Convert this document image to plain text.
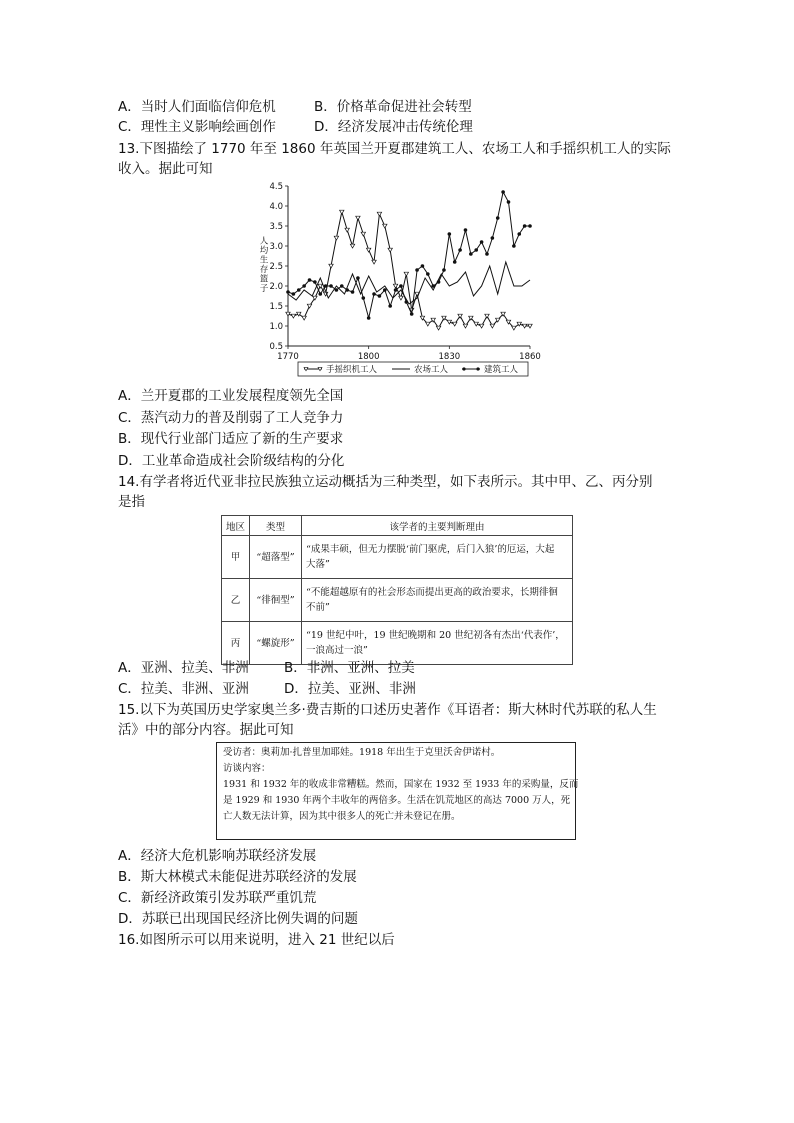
A．当时人们面临信仰危机	B．价格革命促进社会转型
C．理性主义影响绘画创作	D．经济发展冲击传统伦理
13.下图描绘了 1770 年至 1860 年英国兰开夏郡建筑工人、农场工人和手摇织机工人的实际
收入。据此可知
0.5
1.0
1.5
2.0
2.5
3.0
3.5
4.0
4.5
1770	1800	1830	1860
人
均
生
存
篮
子
手摇织机工人	农场工人	建筑工人
A．兰开夏郡的工业发展程度领先全国
C．蒸汽动力的普及削弱了工人竞争力
B．现代行业部门适应了新的生产要求
D．工业革命造成社会阶级结构的分化
14.有学者将近代亚非拉民族独立运动概括为三种类型，如下表所示。其中甲、乙、丙分别
是指
地区	类型	该学者的主要判断理由
甲	“超落型”	“成果丰硕，但无力摆脱‘前门驱虎，后门入狼’的厄运，大起
大落”

乙	“徘徊型”	“不能超越原有的社会形态而提出更高的政治要求，长期徘徊
不前”

丙	“螺旋形”	“19 世纪中叶，19 世纪晚期和 20 世纪初各有杰出‘代表作’，
一浪高过一浪”
A．亚洲、拉美、非洲	B．非洲、亚洲、拉美
C．拉美、非洲、亚洲	D．拉美、亚洲、非洲
15.以下为英国历史学家奥兰多·费吉斯的口述历史著作《耳语者：斯大林时代苏联的私人生
活》中的部分内容。据此可知
受访者：奥莉加·扎普里加耶娃。1918 年出生于克里沃舍伊诺村。
访谈内容：
1931 和 1932 年的收成非常糟糕。然而，国家在 1932 至 1933 年的采购量，反而
是 1929 和 1930 年两个丰收年的两倍多。生活在饥荒地区的高达 7000 万人，死
亡人数无法计算，因为其中很多人的死亡并未登记在册。
A．经济大危机影响苏联经济发展
B．斯大林模式未能促进苏联经济的发展
C．新经济政策引发苏联严重饥荒
D．苏联已出现国民经济比例失调的问题
16.如图所示可以用来说明，进入 21 世纪以后
